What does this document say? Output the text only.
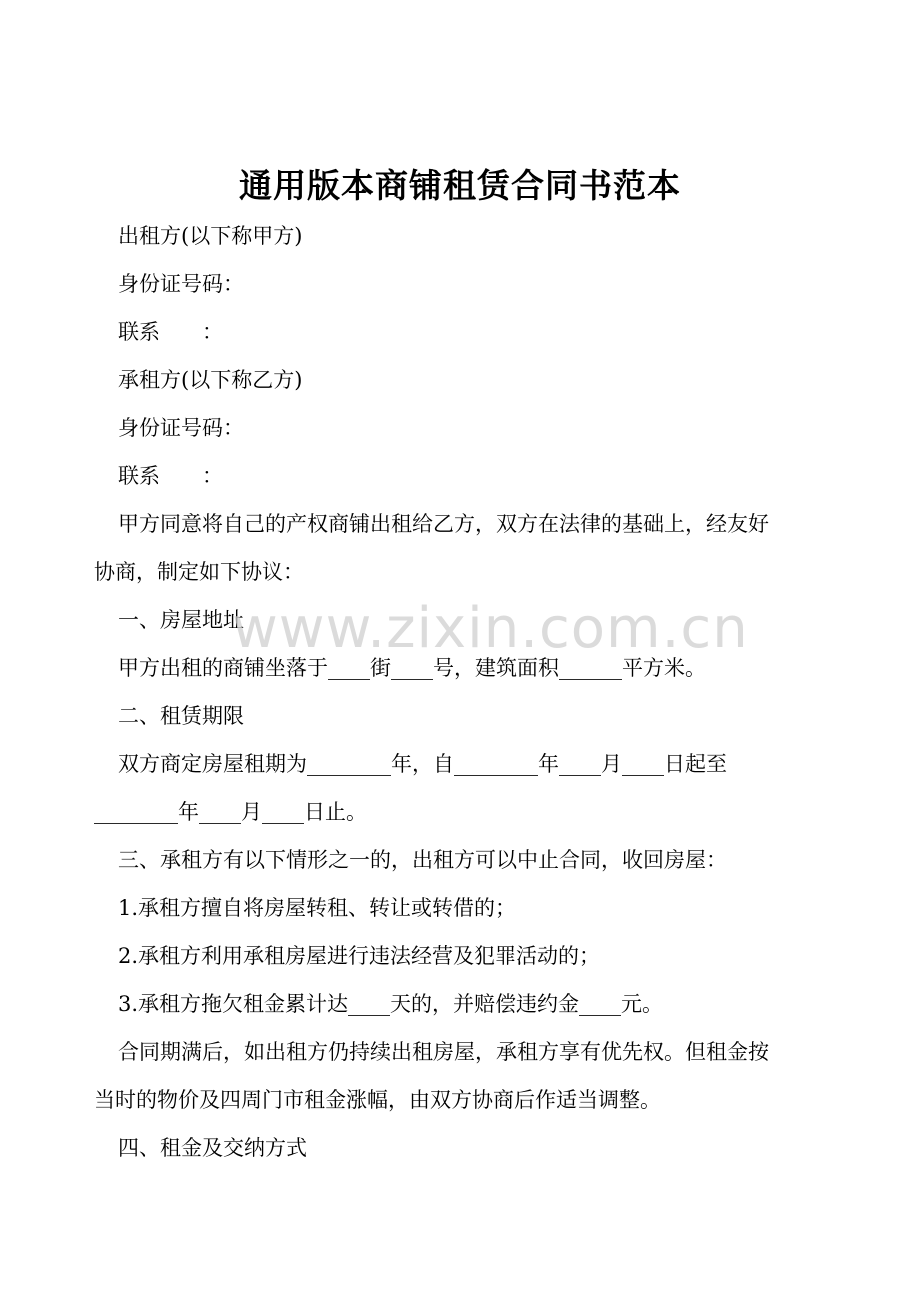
通用版本商铺租赁合同书范本
出租方(以下称甲方)
身份证号码：
联系　　：
承租方(以下称乙方)
身份证号码：
联系　　：
甲方同意将自己的产权商铺出租给乙方，双方在法律的基础上，经友好
协商，制定如下协议：
一、房屋地址
甲方出租的商铺坐落于____街____号，建筑面积______平方米。
二、租赁期限
双方商定房屋租期为________年，自________年____月____日起至
________年____月____日止。
三、承租方有以下情形之一的，出租方可以中止合同，收回房屋：
1.承租方擅自将房屋转租、转让或转借的；
2.承租方利用承租房屋进行违法经营及犯罪活动的；
3.承租方拖欠租金累计达____天的，并赔偿违约金____元。
合同期满后，如出租方仍持续出租房屋，承租方享有优先权。但租金按
当时的物价及四周门市租金涨幅，由双方协商后作适当调整。
四、租金及交纳方式
www.zixin.com.cn
